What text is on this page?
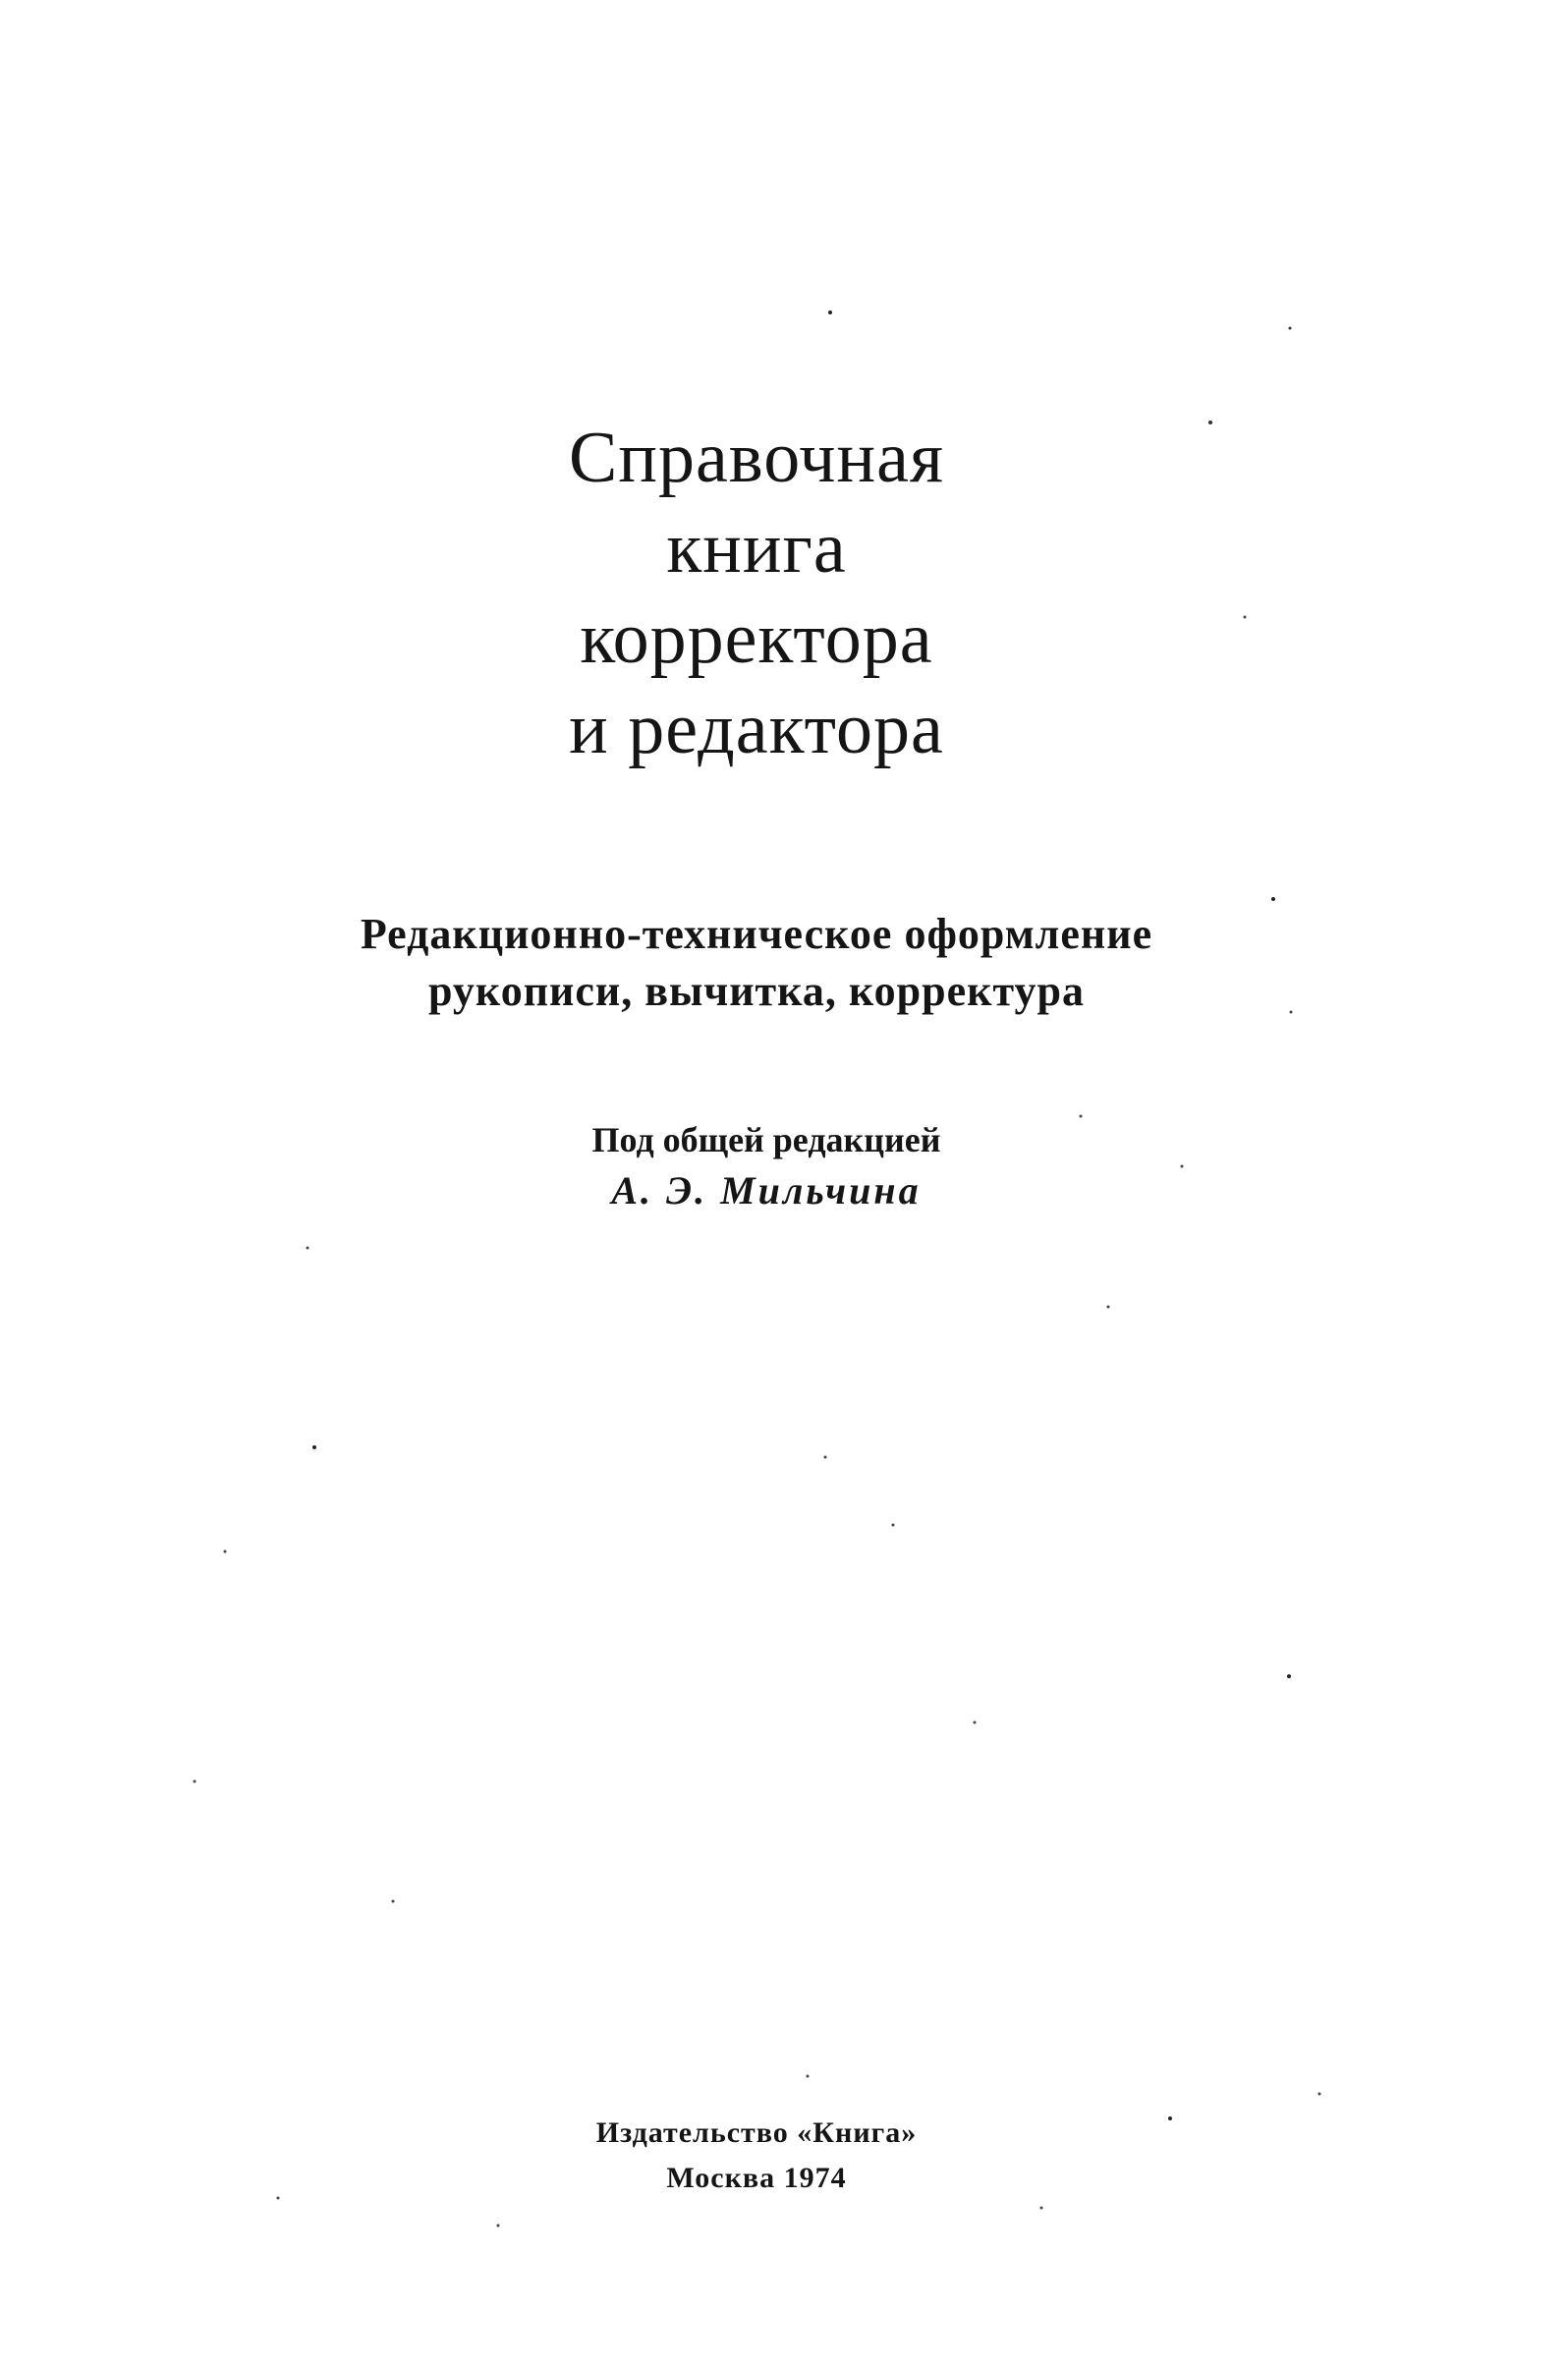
Справочная
книга
корректора
и редактора
Редакционно-техническое оформление
рукописи, вычитка, корректура
Под общей редакцией
А. Э. Мильчина
Издательство «Книга»
Москва 1974
